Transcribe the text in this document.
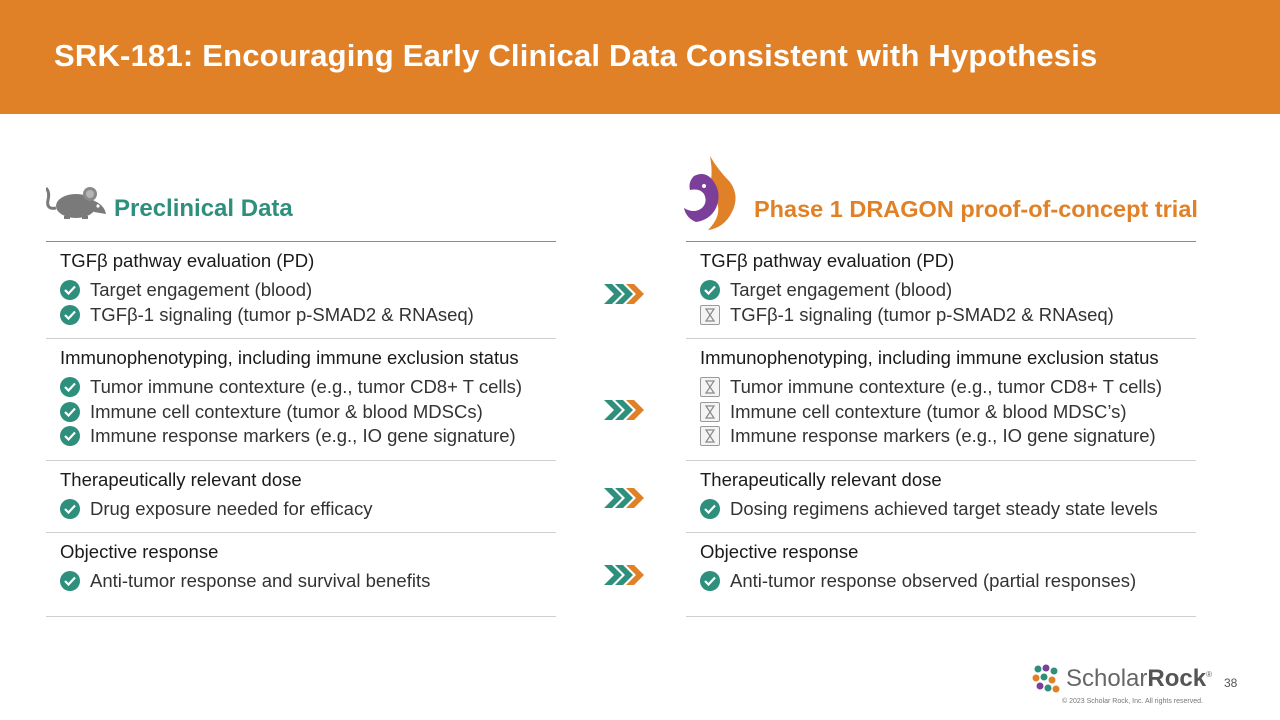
SRK-181: Encouraging Early Clinical Data Consistent with Hypothesis
Preclinical Data
TGFβ pathway evaluation (PD)
Target engagement (blood)
TGFβ-1 signaling (tumor p-SMAD2 & RNAseq)
Immunophenotyping, including immune exclusion status
Tumor immune contexture (e.g., tumor CD8+ T cells)
Immune cell contexture (tumor & blood MDSCs)
Immune response markers (e.g., IO gene signature)
Therapeutically relevant dose
Drug exposure needed for efficacy
Objective response
Anti-tumor response and survival benefits
Phase 1 DRAGON proof-of-concept trial
TGFβ pathway evaluation (PD)
Target engagement (blood)
TGFβ-1 signaling (tumor p-SMAD2 & RNAseq)
Immunophenotyping, including immune exclusion status
Tumor immune contexture (e.g., tumor CD8+ T cells)
Immune cell contexture (tumor & blood MDSC’s)
Immune response markers (e.g., IO gene signature)
Therapeutically relevant dose
Dosing regimens achieved target steady state levels
Objective response
Anti-tumor response observed (partial responses)
ScholarRock®
38
© 2023 Scholar Rock, Inc. All rights reserved.
